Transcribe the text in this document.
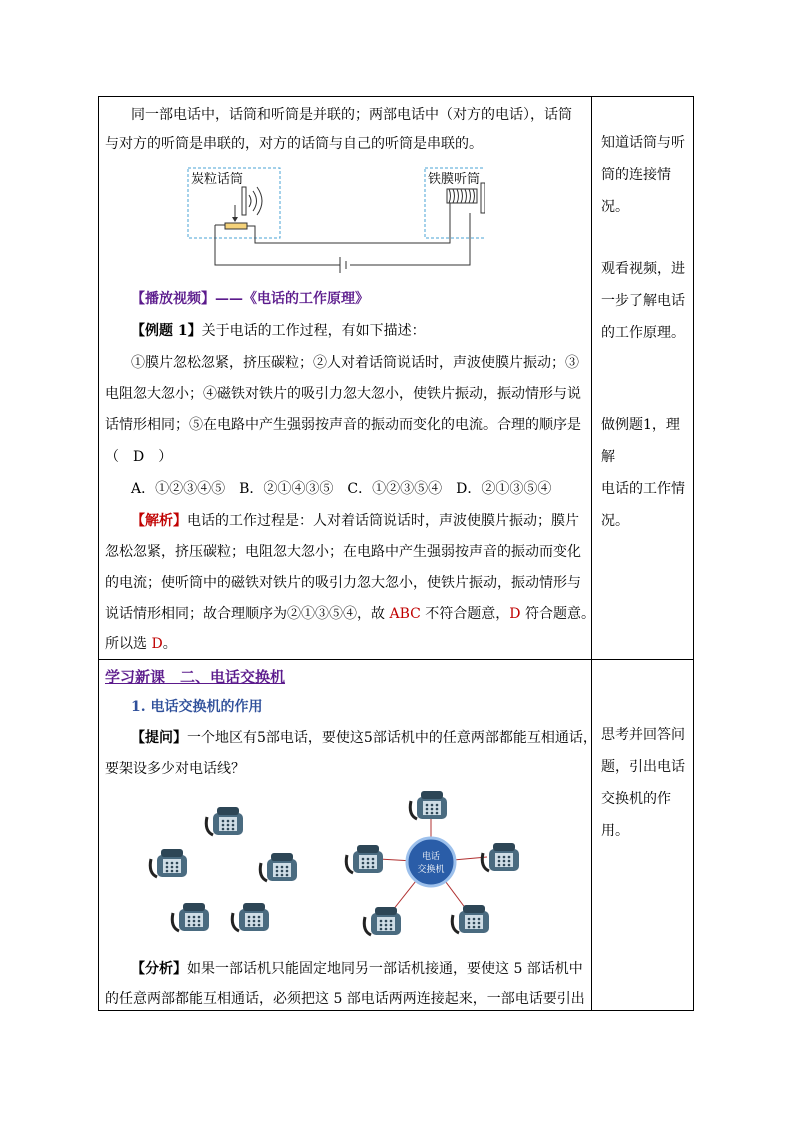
同一部电话中，话筒和听筒是并联的；两部电话中（对方的电话），话筒
与对方的听筒是串联的，对方的话筒与自己的听筒是串联的。
炭粒话筒	铁膜听筒
【播放视频】——《电话的工作原理》
【例题 1】关于电话的工作过程，有如下描述：
①膜片忽松忽紧，挤压碳粒；②人对着话筒说话时，声波使膜片振动；③
电阻忽大忽小；④磁铁对铁片的吸引力忽大忽小，使铁片振动，振动情形与说
话情形相同；⑤在电路中产生强弱按声音的振动而变化的电流。合理的顺序是
（　D　）
A．①②③④⑤　B．②①④③⑤　C．①②③⑤④　D．②①③⑤④
【解析】电话的工作过程是：人对着话筒说话时，声波使膜片振动；膜片
忽松忽紧，挤压碳粒；电阻忽大忽小；在电路中产生强弱按声音的振动而变化
的电流；使听筒中的磁铁对铁片的吸引力忽大忽小，使铁片振动，振动情形与
说话情形相同；故合理顺序为②①③⑤④，故 ABC 不符合题意，D 符合题意。
所以选 D。
学习新课　二、电话交换机
1. 电话交换机的作用
【提问】一个地区有5部电话，要使这5部话机中的任意两部都能互相通话，
要架设多少对电话线？
电话
交换机
【分析】如果一部话机只能固定地同另一部话机接通，要使这 5 部话机中
的任意两部都能互相通话，必须把这 5 部电话两两连接起来，一部电话要引出
知道话筒与听
筒的连接情
况。
观看视频，进
一步了解电话
的工作原理。
做例题1，理解
电话的工作情
况。
思考并回答问
题，引出电话
交换机的作
用。
